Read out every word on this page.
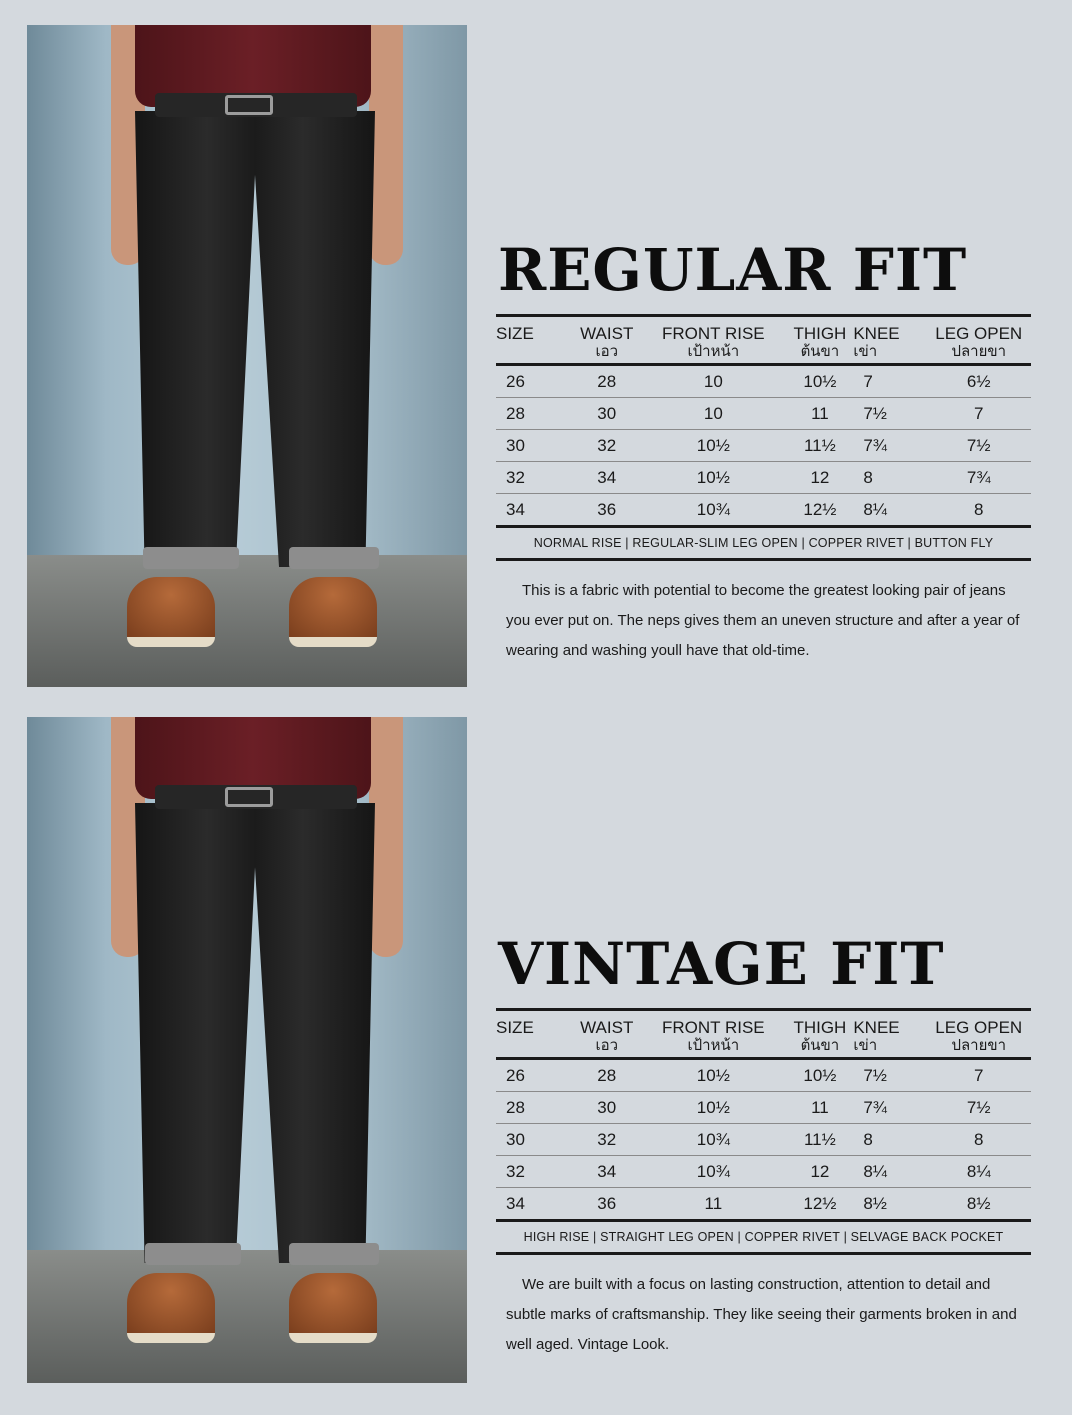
REGULAR FIT
SIZE	WAIST	FRONT RISE	THIGH	KNEE	LEG OPEN
	เอว	เป้าหน้า	ต้นขา	เข่า	ปลายขา
26	28	10	10½	7	6½
28	30	10	11	7½	7
30	32	10½	11½	7¾	7½
32	34	10½	12	8	7¾
34	36	10¾	12½	8¼	8
NORMAL RISE | REGULAR-SLIM LEG OPEN | COPPER RIVET | BUTTON FLY

This is a fabric with potential to become the greatest looking pair of jeans you ever put on. The neps gives them an uneven structure and after a year of wearing and washing youll have that old-time.

VINTAGE FIT
SIZE	WAIST	FRONT RISE	THIGH	KNEE	LEG OPEN
	เอว	เป้าหน้า	ต้นขา	เข่า	ปลายขา
26	28	10½	10½	7½	7
28	30	10½	11	7¾	7½
30	32	10¾	11½	8	8
32	34	10¾	12	8¼	8¼
34	36	11	12½	8½	8½
HIGH RISE | STRAIGHT LEG OPEN | COPPER RIVET | SELVAGE BACK POCKET

We are built with a focus on lasting construction, attention to detail and subtle marks of craftsmanship. They like seeing their garments broken in and well aged. Vintage Look.
